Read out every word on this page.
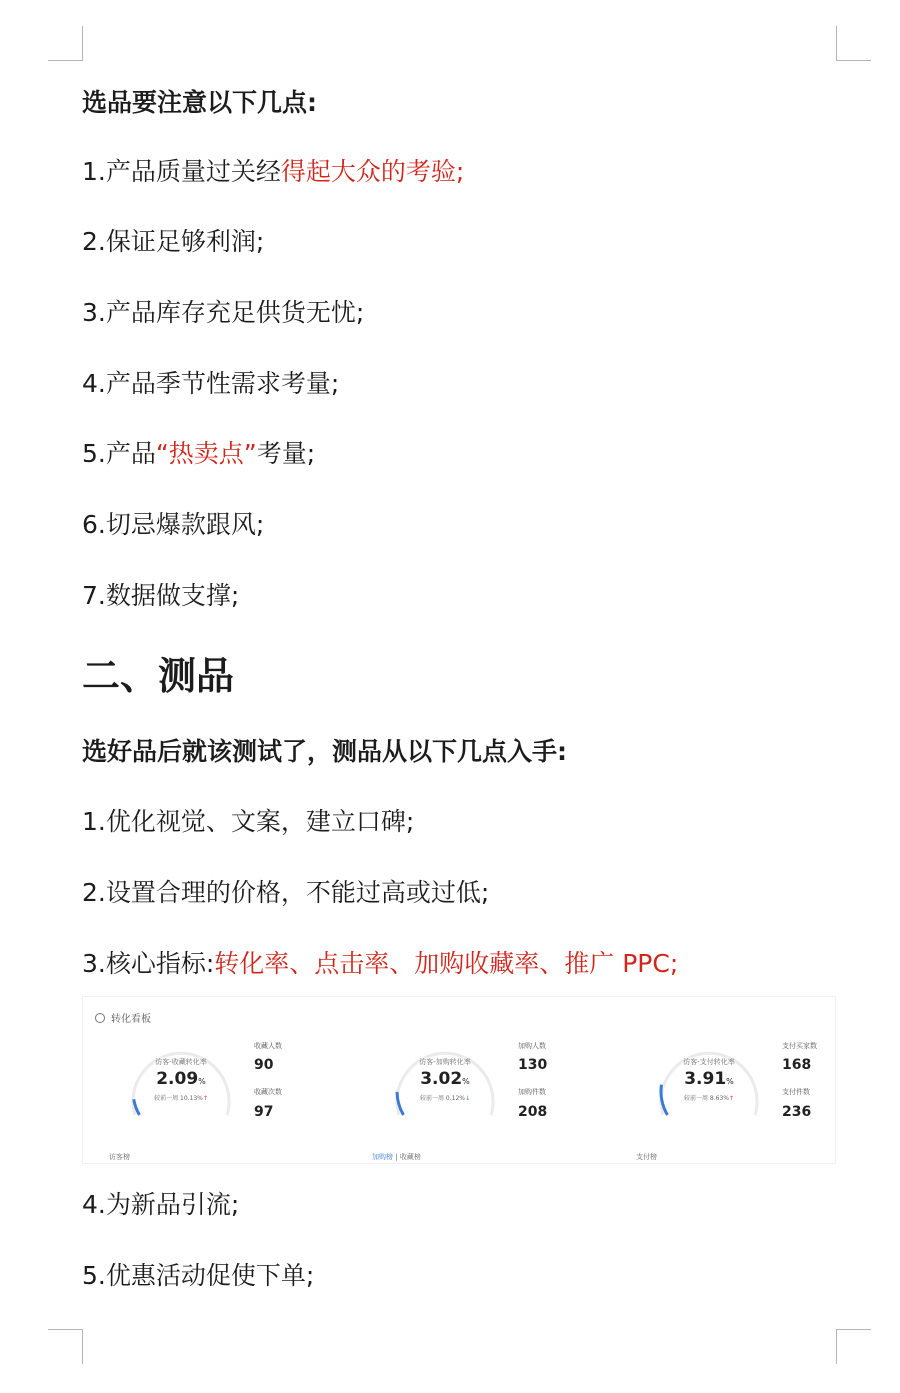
选品要注意以下几点:
1.产品质量过关经得起大众的考验;
2.保证足够利润;
3.产品库存充足供货无忧;
4.产品季节性需求考量;
5.产品“热卖点”考量;
6.切忌爆款跟风;
7.数据做支撑;
二、测品
选好品后就该测试了，测品从以下几点入手:
1.优化视觉、文案，建立口碑;
2.设置合理的价格，不能过高或过低;
3.核心指标:转化率、点击率、加购收藏率、推广 PPC;
转化看板
访客-收藏转化率
2.09%
较前一周 10.13%↑
收藏人数
90
收藏次数
97
访客-加购转化率
3.02%
较前一周 0.12%↓
加购人数
130
加购件数
208
访客-支付转化率
3.91%
较前一周 8.63%↑
支付买家数
168
支付件数
236
访客榜	加购榜 | 收藏榜	支付榜
4.为新品引流;
5.优惠活动促使下单;
